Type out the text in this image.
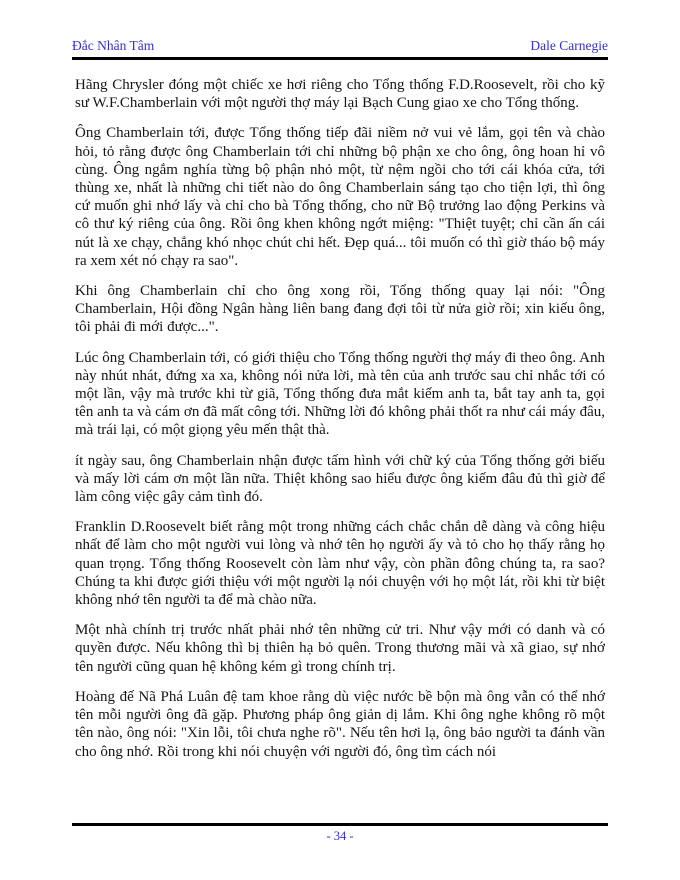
Đắc Nhân Tâm	Dale Carnegie

Hãng Chrysler đóng một chiếc xe hơi riêng cho Tổng thống F.D.Roosevelt, rồi cho kỹ sư W.F.Chamberlain với một người thợ máy lại Bạch Cung giao xe cho Tổng thống.

Ông Chamberlain tới, được Tổng thống tiếp đãi niềm nở vui vẻ lắm, gọi tên và chào hỏi, tỏ rằng được ông Chamberlain tới chỉ những bộ phận xe cho ông, ông hoan hỉ vô cùng. Ông ngắm nghía từng bộ phận nhỏ một, từ nệm ngồi cho tới cái khóa cửa, tới thùng xe, nhất là những chi tiết nào do ông Chamberlain sáng tạo cho tiện lợi, thì ông cứ muốn ghi nhớ lấy và chỉ cho bà Tổng thống, cho nữ Bộ trưởng lao động Perkins và cô thư ký riêng của ông. Rồi ông khen không ngớt miệng: "Thiệt tuyệt; chỉ cần ấn cái nút là xe chạy, chẳng khó nhọc chút chi hết. Đẹp quá... tôi muốn có thì giờ tháo bộ máy ra xem xét nó chạy ra sao".

Khi ông Chamberlain chỉ cho ông xong rồi, Tổng thống quay lại nói: "Ông Chamberlain, Hội đồng Ngân hàng liên bang đang đợi tôi từ nửa giờ rồi; xin kiếu ông, tôi phải đi mới được...".

Lúc ông Chamberlain tới, có giới thiệu cho Tổng thống người thợ máy đi theo ông. Anh này nhút nhát, đứng xa xa, không nói nửa lời, mà tên của anh trước sau chỉ nhắc tới có một lần, vậy mà trước khi từ giã, Tổng thống đưa mắt kiếm anh ta, bắt tay anh ta, gọi tên anh ta và cám ơn đã mất công tới. Những lời đó không phải thốt ra như cái máy đâu, mà trái lại, có một giọng yêu mến thật thà.

ít ngày sau, ông Chamberlain nhận được tấm hình với chữ ký của Tổng thống gởi biếu và mấy lời cám ơn một lần nữa. Thiệt không sao hiểu được ông kiếm đâu đủ thì giờ để làm công việc gây cảm tình đó.

Franklin D.Roosevelt biết rằng một trong những cách chắc chắn dễ dàng và công hiệu nhất để làm cho một người vui lòng và nhớ tên họ người ấy và tỏ cho họ thấy rằng họ quan trọng. Tổng thống Roosevelt còn làm như vậy, còn phần đông chúng ta, ra sao? Chúng ta khi được giới thiệu với một người lạ nói chuyện với họ một lát, rồi khi từ biệt không nhớ tên người ta để mà chào nữa.

Một nhà chính trị trước nhất phải nhớ tên những cử tri. Như vậy mới có danh và có quyền được. Nếu không thì bị thiên hạ bỏ quên. Trong thương mãi và xã giao, sự nhớ tên người cũng quan hệ không kém gì trong chính trị.

Hoàng đế Nã Phá Luân đệ tam khoe rằng dù việc nước bề bộn mà ông vẫn có thể nhớ tên mỗi người ông đã gặp. Phương pháp ông giản dị lắm. Khi ông nghe không rõ một tên nào, ông nói: "Xin lỗi, tôi chưa nghe rõ". Nếu tên hơi lạ, ông bảo người ta đánh vần cho ông nhớ. Rồi trong khi nói chuyện với người đó, ông tìm cách nói

- 34 -
